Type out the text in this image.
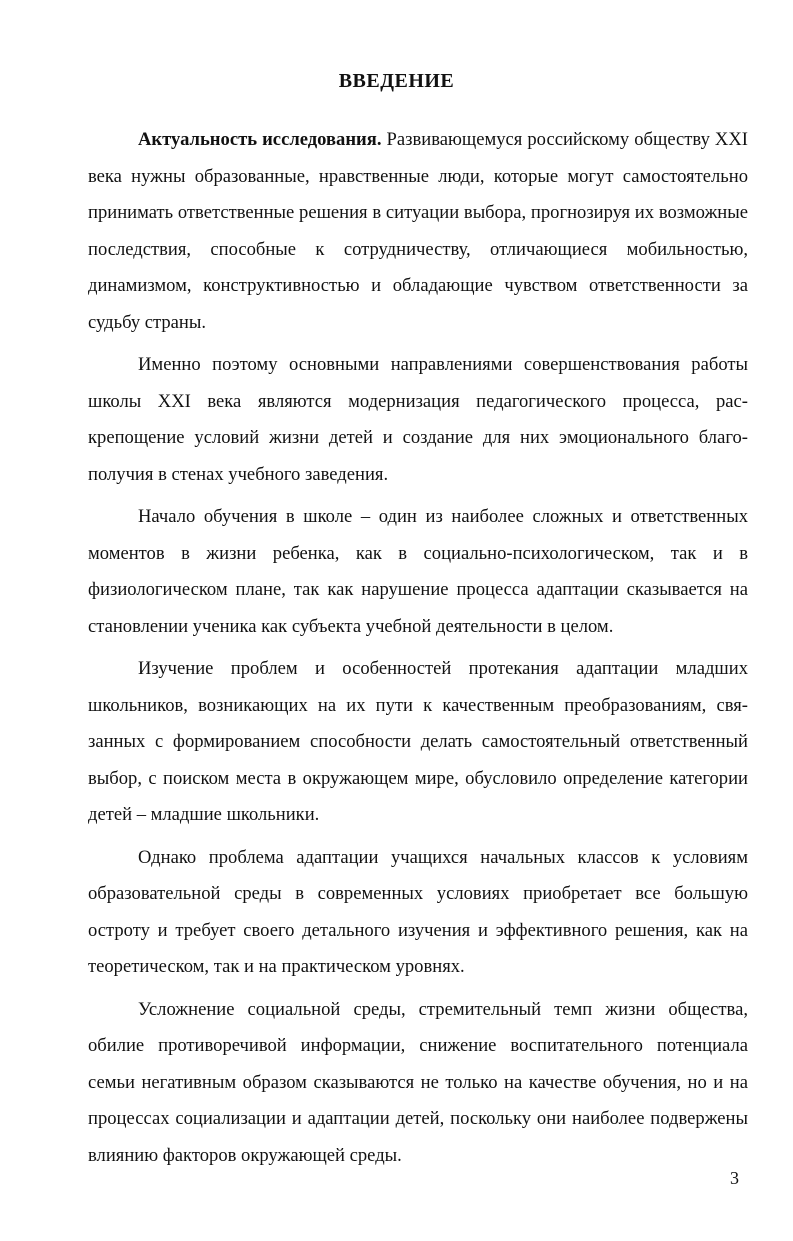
ВВЕДЕНИЕ

Актуальность исследования. Развивающемуся российскому обществу XXI века нужны образованные, нравственные люди, которые могут самостоятельно принимать ответственные решения в ситуации выбора, прогнозируя их возможные последствия, способные к сотрудничеству, отличающиеся мобильностью, динамизмом, конструктивностью и обладающие чувством ответственности за судьбу страны.

Именно поэтому основными направлениями совершенствования работы школы XXI века являются модернизация педагогического процесса, раскрепощение условий жизни детей и создание для них эмоционального благополучия в стенах учебного заведения.

Начало обучения в школе – один из наиболее сложных и ответственных моментов в жизни ребенка, как в социально-психологическом, так и в физиологическом плане, так как нарушение процесса адаптации сказывается на становлении ученика как субъекта учебной деятельности в целом.

Изучение проблем и особенностей протекания адаптации младших школьников, возникающих на их пути к качественным преобразованиям, связанных с формированием способности делать самостоятельный ответственный выбор, с поиском места в окружающем мире, обусловило определение категории детей – младшие школьники.

Однако проблема адаптации учащихся начальных классов к условиям образовательной среды в современных условиях приобретает все большую остроту и требует своего детального изучения и эффективного решения, как на теоретическом, так и на практическом уровнях.

Усложнение социальной среды, стремительный темп жизни общества, обилие противоречивой информации, снижение воспитательного потенциала семьи негативным образом сказываются не только на качестве обучения, но и на процессах социализации и адаптации детей, поскольку они наиболее подвержены влиянию факторов окружающей среды.

3
